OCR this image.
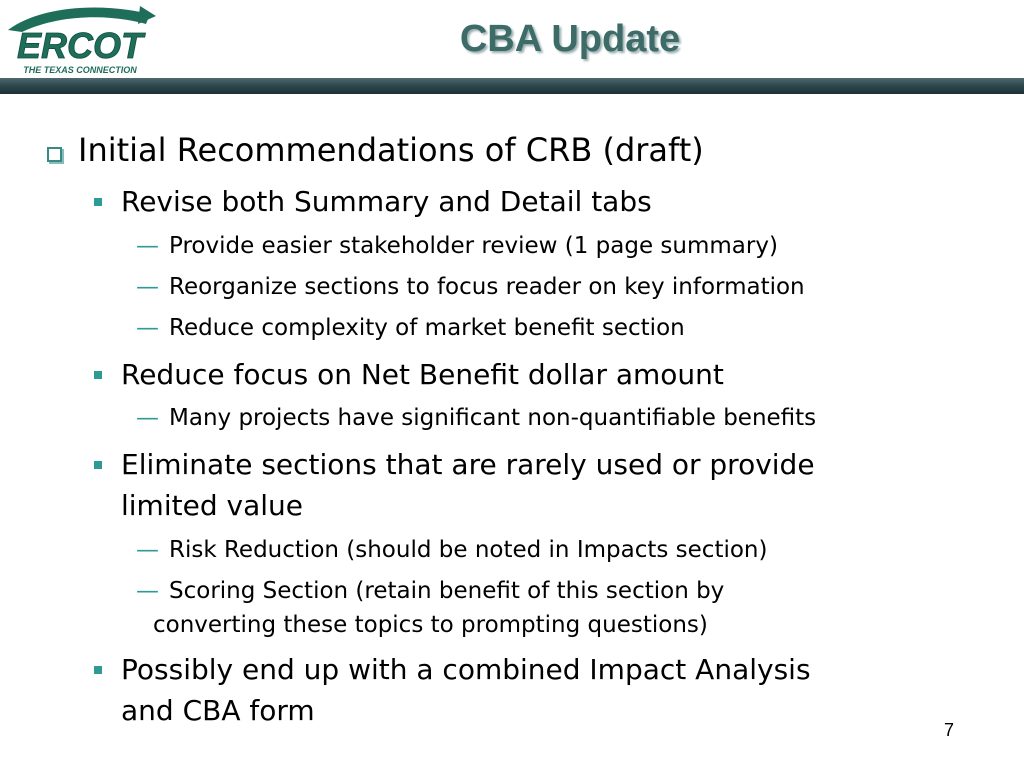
ERCOT
THE TEXAS CONNECTION
CBA Update
Initial Recommendations of CRB (draft)
Revise both Summary and Detail tabs
— Provide easier stakeholder review (1 page summary)
— Reorganize sections to focus reader on key information
— Reduce complexity of market benefit section
Reduce focus on Net Benefit dollar amount
— Many projects have significant non-quantifiable benefits
Eliminate sections that are rarely used or provide
limited value
— Risk Reduction (should be noted in Impacts section)
— Scoring Section (retain benefit of this section by
converting these topics to prompting questions)
Possibly end up with a combined Impact Analysis
and CBA form
7
